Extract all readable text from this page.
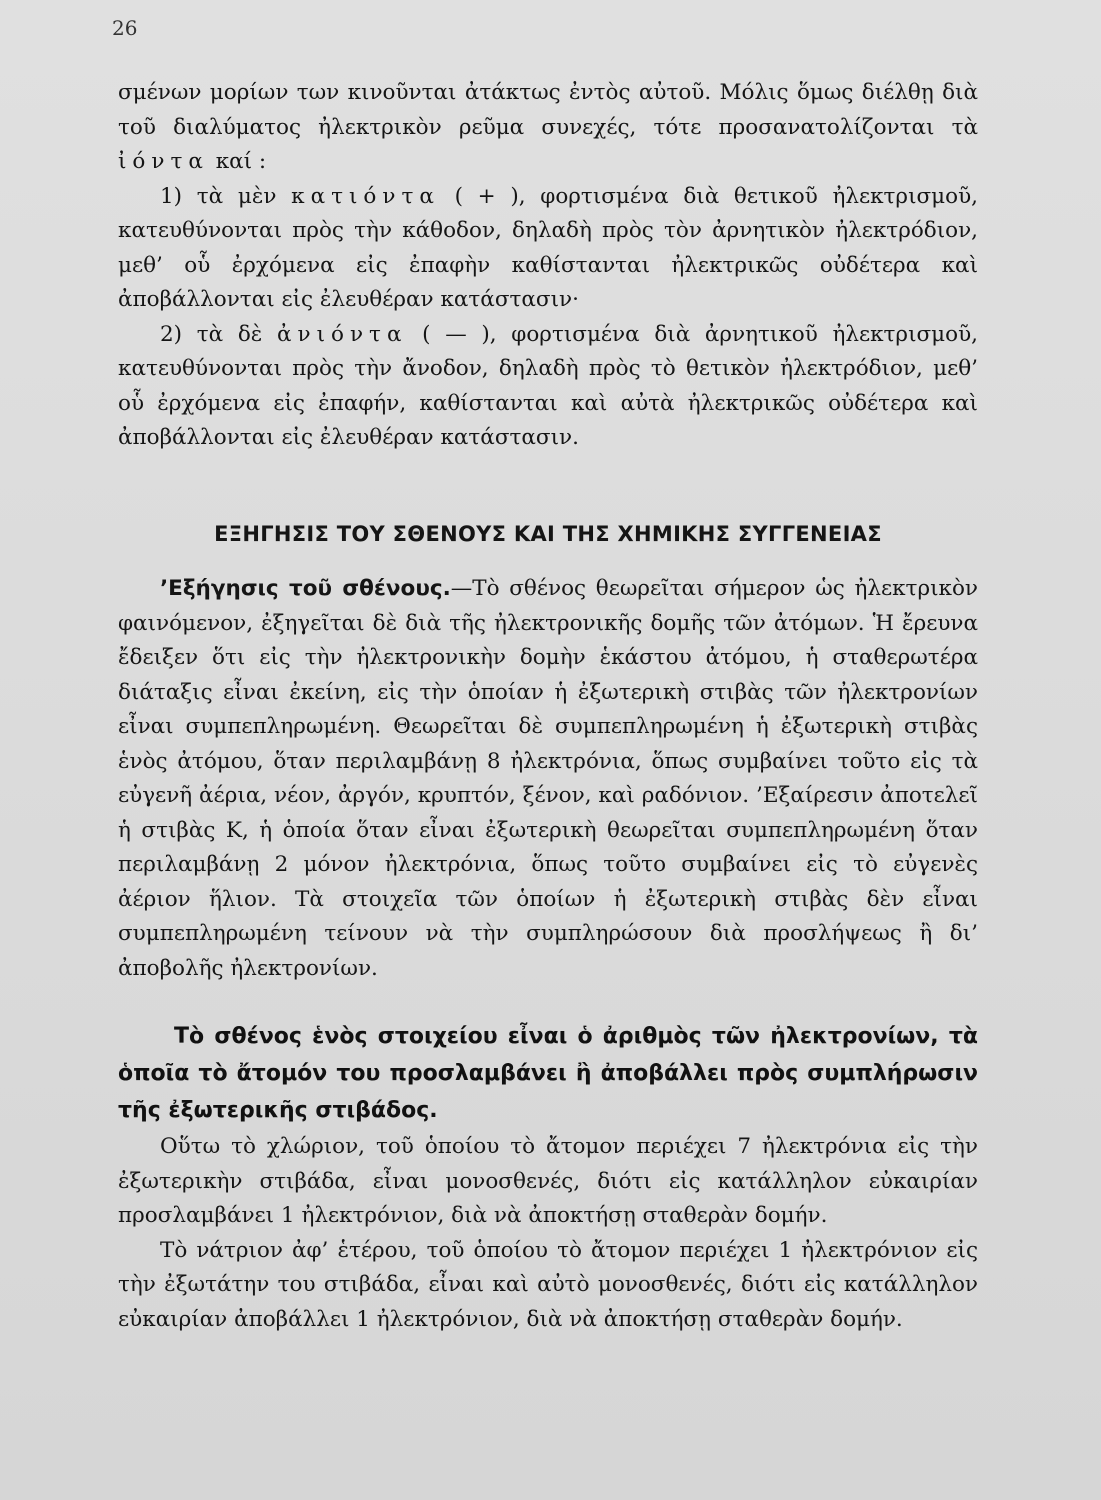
26

σμένων μορίων των κινοῦνται ἀτάκτως ἐντὸς αὐτοῦ. Μόλις ὅμως διέλθῃ διὰ τοῦ διαλύματος ἠλεκτρικὸν ρεῦμα συνεχές, τότε προσανατολίζονται τὰ ἰόντα καί :

1) τὰ μὲν κατιόντα ( + ), φορτισμένα διὰ θετικοῦ ἠλεκτρισμοῦ, κατευθύνονται πρὸς τὴν κάθοδον, δηλαδὴ πρὸς τὸν ἀρνητικὸν ἠλεκτρόδιον, μεθ’ οὗ ἐρχόμενα εἰς ἐπαφὴν καθίστανται ἠλεκτρικῶς οὐδέτερα καὶ ἀποβάλλονται εἰς ἐλευθέραν κατάστασιν·

2) τὰ δὲ ἀνιόντα ( — ), φορτισμένα διὰ ἀρνητικοῦ ἠλεκτρισμοῦ, κατευθύνονται πρὸς τὴν ἄνοδον, δηλαδὴ πρὸς τὸ θετικὸν ἠλεκτρόδιον, μεθ’ οὗ ἐρχόμενα εἰς ἐπαφήν, καθίστανται καὶ αὐτὰ ἠλεκτρικῶς οὐδέτερα καὶ ἀποβάλλονται εἰς ἐλευθέραν κατάστασιν.

ΕΞΗΓΗΣΙΣ ΤΟΥ ΣΘΕΝΟΥΣ ΚΑΙ ΤΗΣ ΧΗΜΙΚΗΣ ΣΥΓΓΕΝΕΙΑΣ

’Εξήγησις τοῦ σθένους.—Τὸ σθένος θεωρεῖται σήμερον ὡς ἠλεκτρικὸν φαινόμενον, ἐξηγεῖται δὲ διὰ τῆς ἠλεκτρονικῆς δομῆς τῶν ἀτόμων. Ἡ ἔρευνα ἔδειξεν ὅτι εἰς τὴν ἠλεκτρονικὴν δομὴν ἑκάστου ἀτόμου, ἡ σταθερωτέρα διάταξις εἶναι ἐκείνη, εἰς τὴν ὁποίαν ἡ ἐξωτερικὴ στιβὰς τῶν ἠλεκτρονίων εἶναι συμπεπληρωμένη. Θεωρεῖται δὲ συμπεπληρωμένη ἡ ἐξωτερικὴ στιβὰς ἑνὸς ἀτόμου, ὅταν περιλαμβάνῃ 8 ἠλεκτρόνια, ὅπως συμβαίνει τοῦτο εἰς τὰ εὐγενῆ ἀέρια, νέον, ἀργόν, κρυπτόν, ξένον, καὶ ραδόνιον. ’Εξαίρεσιν ἀποτελεῖ ἡ στιβὰς K, ἡ ὁποία ὅταν εἶναι ἐξωτερικὴ θεωρεῖται συμπεπληρωμένη ὅταν περιλαμβάνῃ 2 μόνον ἠλεκτρόνια, ὅπως τοῦτο συμβαίνει εἰς τὸ εὐγενὲς ἀέριον ἥλιον. Τὰ στοιχεῖα τῶν ὁποίων ἡ ἐξωτερικὴ στιβὰς δὲν εἶναι συμπεπληρωμένη τείνουν νὰ τὴν συμπληρώσουν διὰ προσλήψεως ἢ δι’ ἀποβολῆς ἠλεκτρονίων.

Τὸ σθένος ἑνὸς στοιχείου εἶναι ὁ ἀριθμὸς τῶν ἠλεκτρονίων, τὰ ὁποῖα τὸ ἄτομόν του προσλαμβάνει ἢ ἀποβάλλει πρὸς συμπλήρωσιν τῆς ἐξωτερικῆς στιβάδος.

Οὕτω τὸ χλώριον, τοῦ ὁποίου τὸ ἄτομον περιέχει 7 ἠλεκτρόνια εἰς τὴν ἐξωτερικὴν στιβάδα, εἶναι μονοσθενές, διότι εἰς κατάλληλον εὐκαιρίαν προσλαμβάνει 1 ἠλεκτρόνιον, διὰ νὰ ἀποκτήσῃ σταθερὰν δομήν.

Τὸ νάτριον ἀφ’ ἑτέρου, τοῦ ὁποίου τὸ ἄτομον περιέχει 1 ἠλεκτρόνιον εἰς τὴν ἐξωτάτην του στιβάδα, εἶναι καὶ αὐτὸ μονοσθενές, διότι εἰς κατάλληλον εὐκαιρίαν ἀποβάλλει 1 ἠλεκτρόνιον, διὰ νὰ ἀποκτήσῃ σταθερὰν δομήν.
